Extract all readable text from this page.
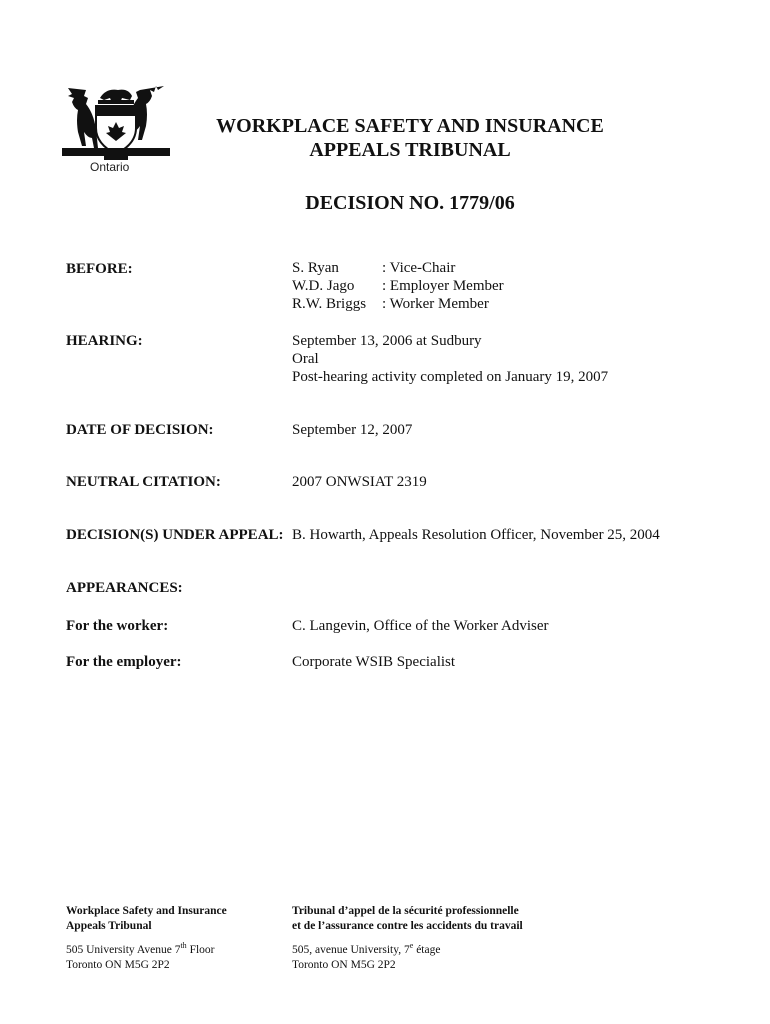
Ontario
WORKPLACE SAFETY AND INSURANCE
APPEALS TRIBUNAL
DECISION NO. 1779/06
BEFORE:	S. Ryan	: Vice-Chair
W.D. Jago	: Employer Member
R.W. Briggs	: Worker Member
HEARING:	September 13, 2006 at Sudbury
Oral
Post-hearing activity completed on January 19, 2007
DATE OF DECISION:	September 12, 2007
NEUTRAL CITATION:	2007 ONWSIAT 2319
DECISION(S) UNDER APPEAL: B. Howarth, Appeals Resolution Officer, November 25, 2004
APPEARANCES:
For the worker:	C. Langevin, Office of the Worker Adviser
For the employer:	Corporate WSIB Specialist
Workplace Safety and Insurance
Appeals Tribunal
505 University Avenue 7th Floor
Toronto ON M5G 2P2
Tribunal d’appel de la sécurité professionnelle
et de l’assurance contre les accidents du travail
505, avenue University, 7e étage
Toronto ON M5G 2P2
